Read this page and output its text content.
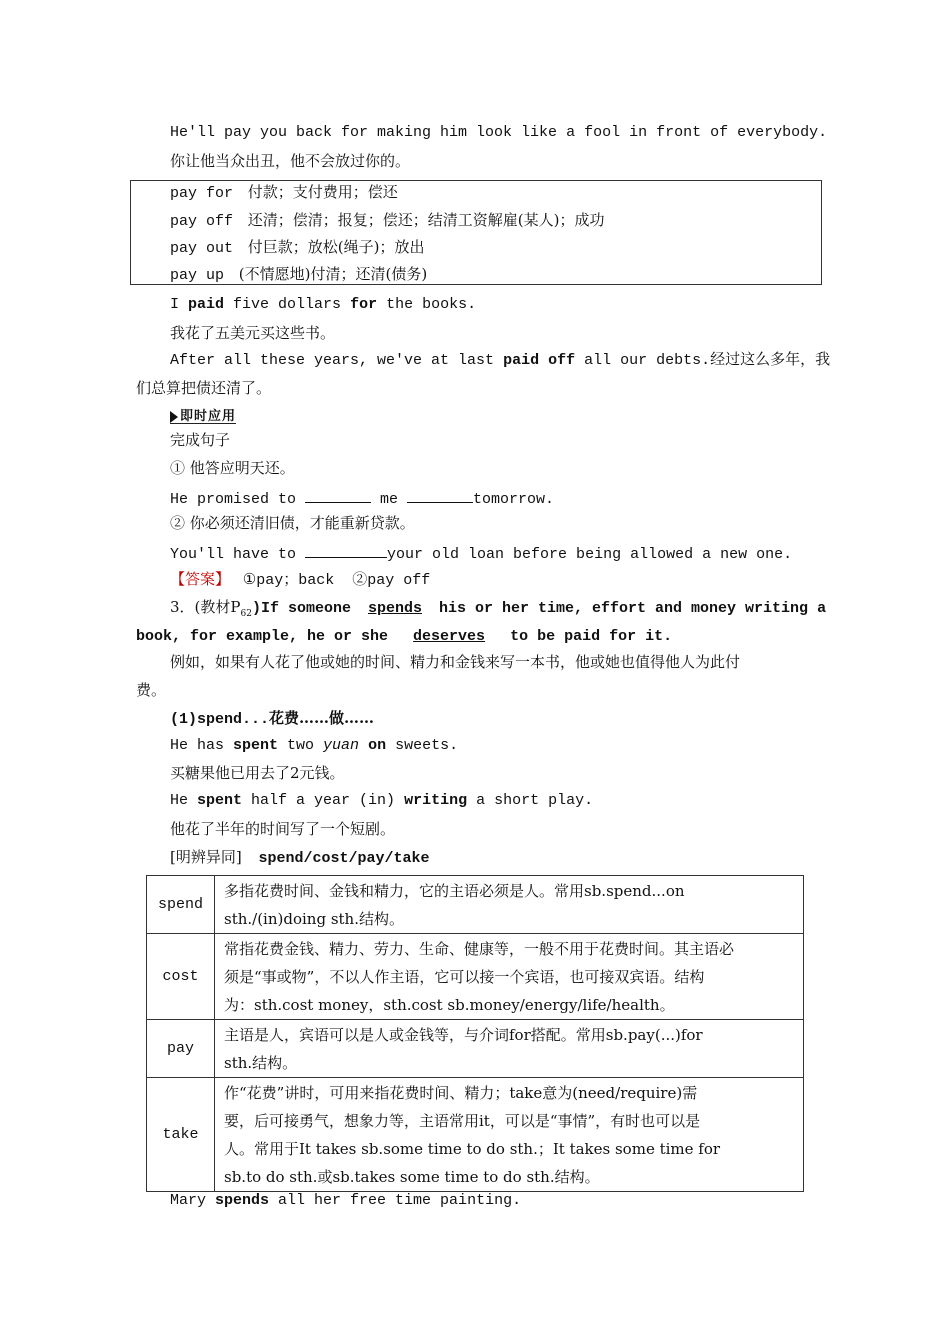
He'll pay you back for making him look like a fool in front of everybody.
你让他当众出丑，他不会放过你的。
pay for 付款；支付费用；偿还
pay off 还清；偿清；报复；偿还；结清工资解雇(某人)；成功
pay out 付巨款；放松(绳子)；放出
pay up (不情愿地)付清；还清(债务)
I paid five dollars for the books.
我花了五美元买这些书。
After all these years, we've at last paid off all our debts.经过这么多年，我
们总算把债还清了。
即时应用
完成句子
① 他答应明天还。
He promised to	me	tomorrow.
② 你必须还清旧债，才能重新贷款。
You'll have to	your old loan before being allowed a new one.
【答案】 ①pay；back  ②pay off
3．(教材$P_{62})If$ someone spends his or her time, effort and money writing a
book, for example, he or she deserves to be paid for it.
例如，如果有人花了他或她的时间、精力和金钱来写一本书，他或她也值得他人为此付
费。
(1)spend...花费……做……
He has spent two yuan on sweets.
买糖果他已用去了2元钱。
He spent half a year (in) writing a short play.
他花了半年的时间写了一个短剧。
[明辨异同] spend/cost/pay/take
spend	多指花费时间、金钱和精力，它的主语必须是人。常用sb.spend...on
sth./(in)doing sth.结构。

cost	常指花费金钱、精力、劳力、生命、健康等，一般不用于花费时间。其主语必
须是“事或物”，不以人作主语，它可以接一个宾语，也可接双宾语。结构
为：sth.cost money，sth.cost sb.money/energy/life/health。

pay	主语是人，宾语可以是人或金钱等，与介词for搭配。常用sb.pay(...)for
sth.结构。

take	作“花费”讲时，可用来指花费时间、精力；take意为(need/require)需
要，后可接勇气，想象力等，主语常用it，可以是“事情”，有时也可以是
人。常用于It takes sb.some time to do sth.；It takes some time for
sb.to do sth.或sb.takes some time to do sth.结构。
Mary spends all her free time painting.
